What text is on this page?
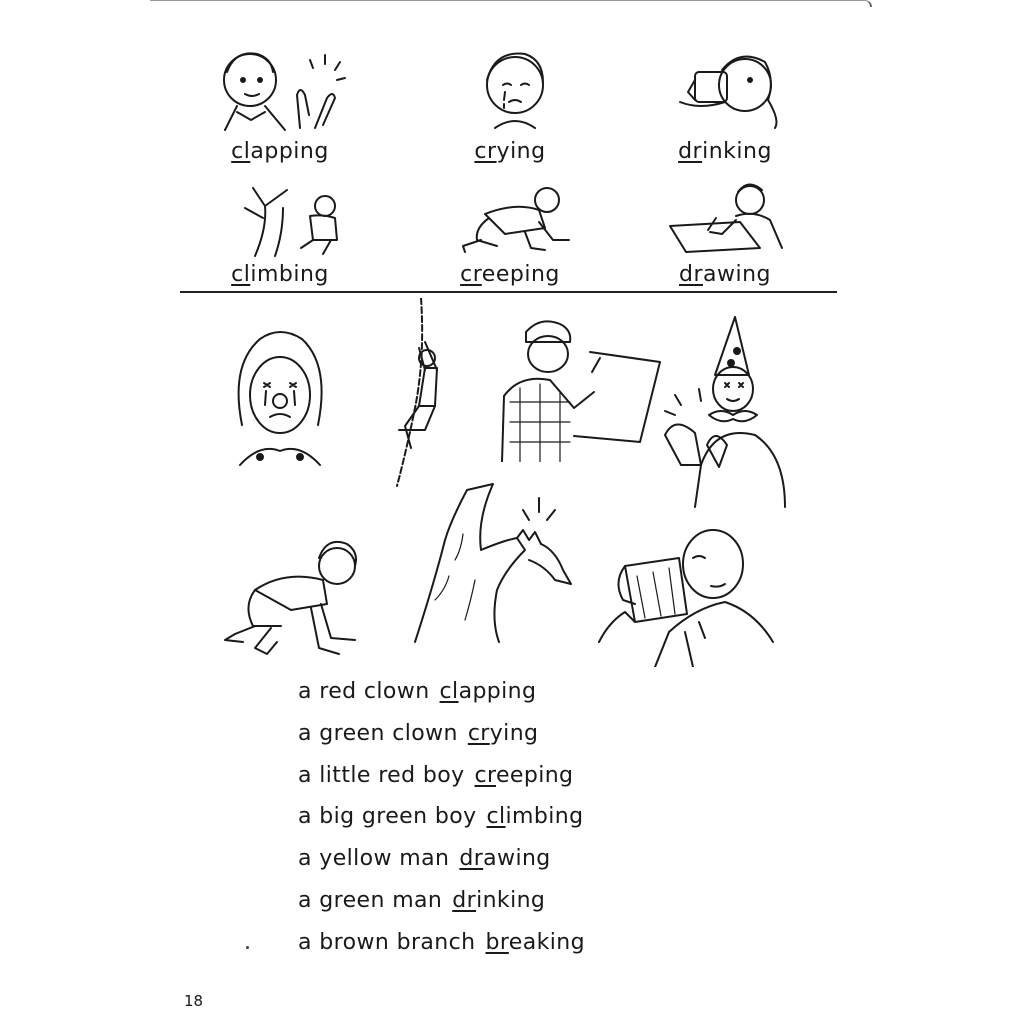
clapping	crying	drinking
climbing	creeping	drawing
a red clown clapping
a green clown crying
a little red boy creeping
a big green boy climbing
a yellow man drawing
a green man drinking
a brown branch breaking
18
